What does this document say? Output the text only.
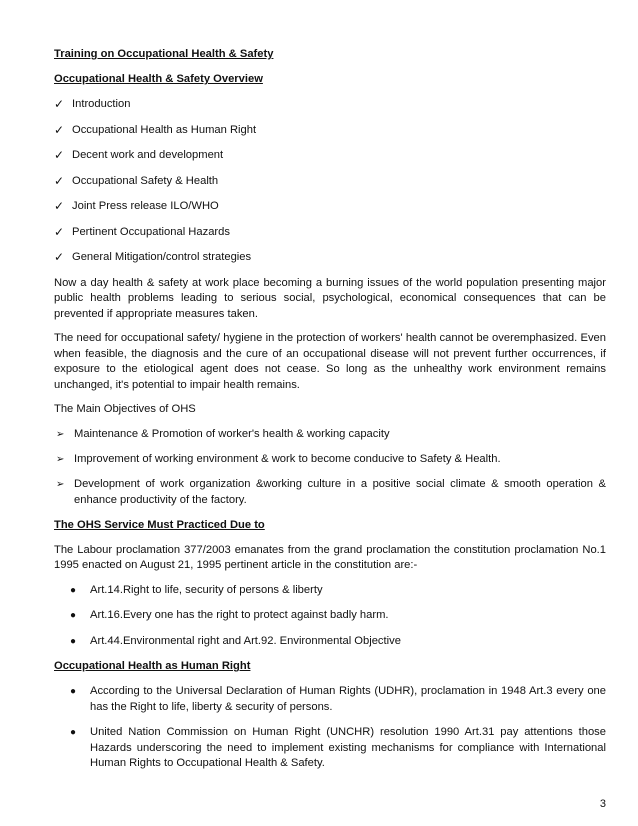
Training on Occupational Health & Safety
Occupational Health & Safety Overview
✓ Introduction
✓ Occupational Health as Human Right
✓ Decent work and development
✓ Occupational Safety & Health
✓ Joint Press release ILO/WHO
✓ Pertinent Occupational Hazards
✓ General Mitigation/control strategies

Now a day health & safety at work place becoming a burning issues of the world population presenting major public health problems leading to serious social, psychological, economical consequences that can be prevented if appropriate measures taken.

The need for occupational safety/ hygiene in the protection of workers' health cannot be overemphasized. Even when feasible, the diagnosis and the cure of an occupational disease will not prevent further occurrences, if exposure to the etiological agent does not cease. So long as the unhealthy work environment remains unchanged, it's potential to impair health remains.

The Main Objectives of OHS
➢ Maintenance & Promotion of worker's health & working capacity
➢ Improvement of working environment & work to become conducive to Safety & Health.
➢ Development of work organization &working culture in a positive social climate & smooth operation & enhance productivity of the factory.
The OHS Service Must Practiced Due to

The Labour proclamation 377/2003 emanates from the grand proclamation the constitution proclamation No.1 1995 enacted on August 21, 1995 pertinent article in the constitution are:-

●	Art.14.Right to life, security of persons & liberty
●	Art.16.Every one has the right to protect against badly harm.
●	Art.44.Environmental right and Art.92. Environmental Objective
Occupational Health as Human Right
●	According to the Universal Declaration of Human Rights (UDHR), proclamation in 1948 Art.3 every one has the Right to life, liberty & security of persons.
●	United Nation Commission on Human Right (UNCHR) resolution 1990 Art.31 pay attentions those Hazards underscoring the need to implement existing mechanisms for compliance with International Human Rights to Occupational Health & Safety.
3
